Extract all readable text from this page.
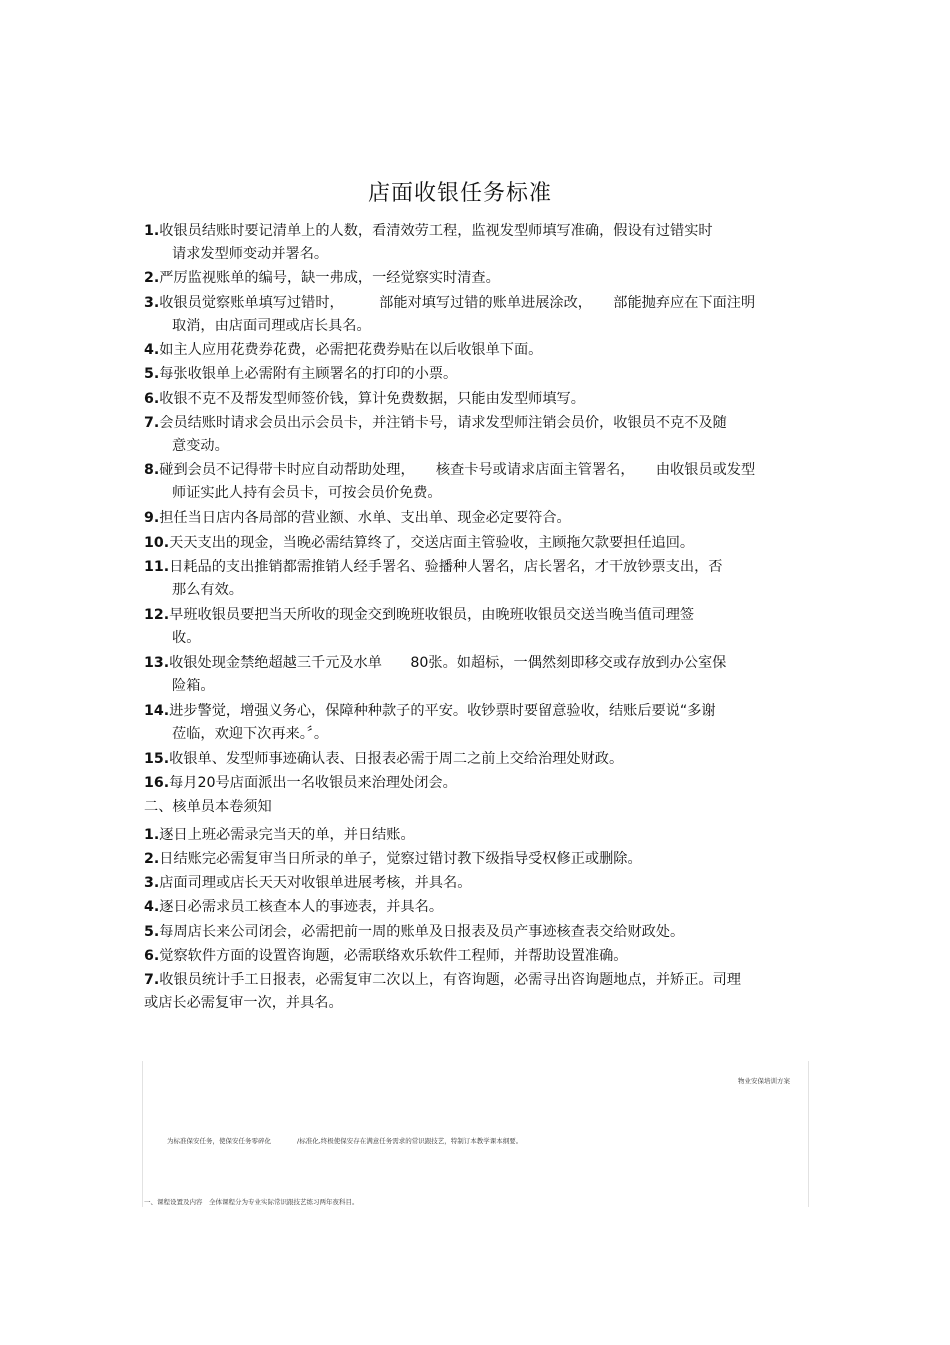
店面收银任务标准
1.收银员结账时要记清单上的人数，看清效劳工程，监视发型师填写准确，假设有过错实时
请求发型师变动并署名。
2.严厉监视账单的编号，缺一弗成，一经觉察实时清查。
3.收银员觉察账单填写过错时，　　　部能对填写过错的账单进展涂改，　　部能抛弃应在下面注明
取消，由店面司理或店长具名。
4.如主人应用花费券花费，必需把花费券贴在以后收银单下面。
5.每张收银单上必需附有主顾署名的打印的小票。
6.收银不克不及帮发型师签价钱，算计免费数据，只能由发型师填写。
7.会员结账时请求会员出示会员卡，并注销卡号，请求发型师注销会员价，收银员不克不及随
意变动。
8.碰到会员不记得带卡时应自动帮助处理，　　核查卡号或请求店面主管署名，　　由收银员或发型
师证实此人持有会员卡，可按会员价免费。
9.担任当日店内各局部的营业额、水单、支出单、现金必定要符合。
10.天天支出的现金，当晚必需结算终了，交送店面主管验收，主顾拖欠款要担任追回。
11.日耗品的支出推销都需推销人经手署名、验播种人署名，店长署名，才干放钞票支出，否
那么有效。
12.早班收银员要把当天所收的现金交到晚班收银员，由晚班收银员交送当晚当值司理签
收。
13.收银处现金禁绝超越三千元及水单　　80张。如超标，一偶然刻即移交或存放到办公室保
险箱。
14.进步警觉，增强义务心，保障种种款子的平安。收钞票时要留意验收，结账后要说“多谢
莅临，欢迎下次再来。〞。
15.收银单、发型师事迹确认表、日报表必需于周二之前上交给治理处财政。
16.每月20号店面派出一名收银员来治理处闭会。
二、核单员本卷须知
1.逐日上班必需录完当天的单，并日结账。
2.日结账完必需复审当日所录的单子，觉察过错讨教下级指导受权修正或删除。
3.店面司理或店长天天对收银单进展考核，并具名。
4.逐日必需求员工核查本人的事迹表，并具名。
5.每周店长来公司闭会，必需把前一周的账单及日报表及员产事迹核查表交给财政处。
6.觉察软件方面的设置咨询题，必需联络欢乐软件工程师，并帮助设置准确。
7.收银员统计手工日报表，必需复审二次以上，有咨询题，必需寻出咨询题地点，并矫正。司理
或店长必需复审一次，并具名。
物业安保培训方案
为标准保安任务，使保安任务零碎化	/标准化,终极使保安存在满意任务需求的常识跟技艺，特制订本教学课本纲要。
一、课程设置及内容　全体课程分为专业实际常识跟技艺练习两年夜科目。
